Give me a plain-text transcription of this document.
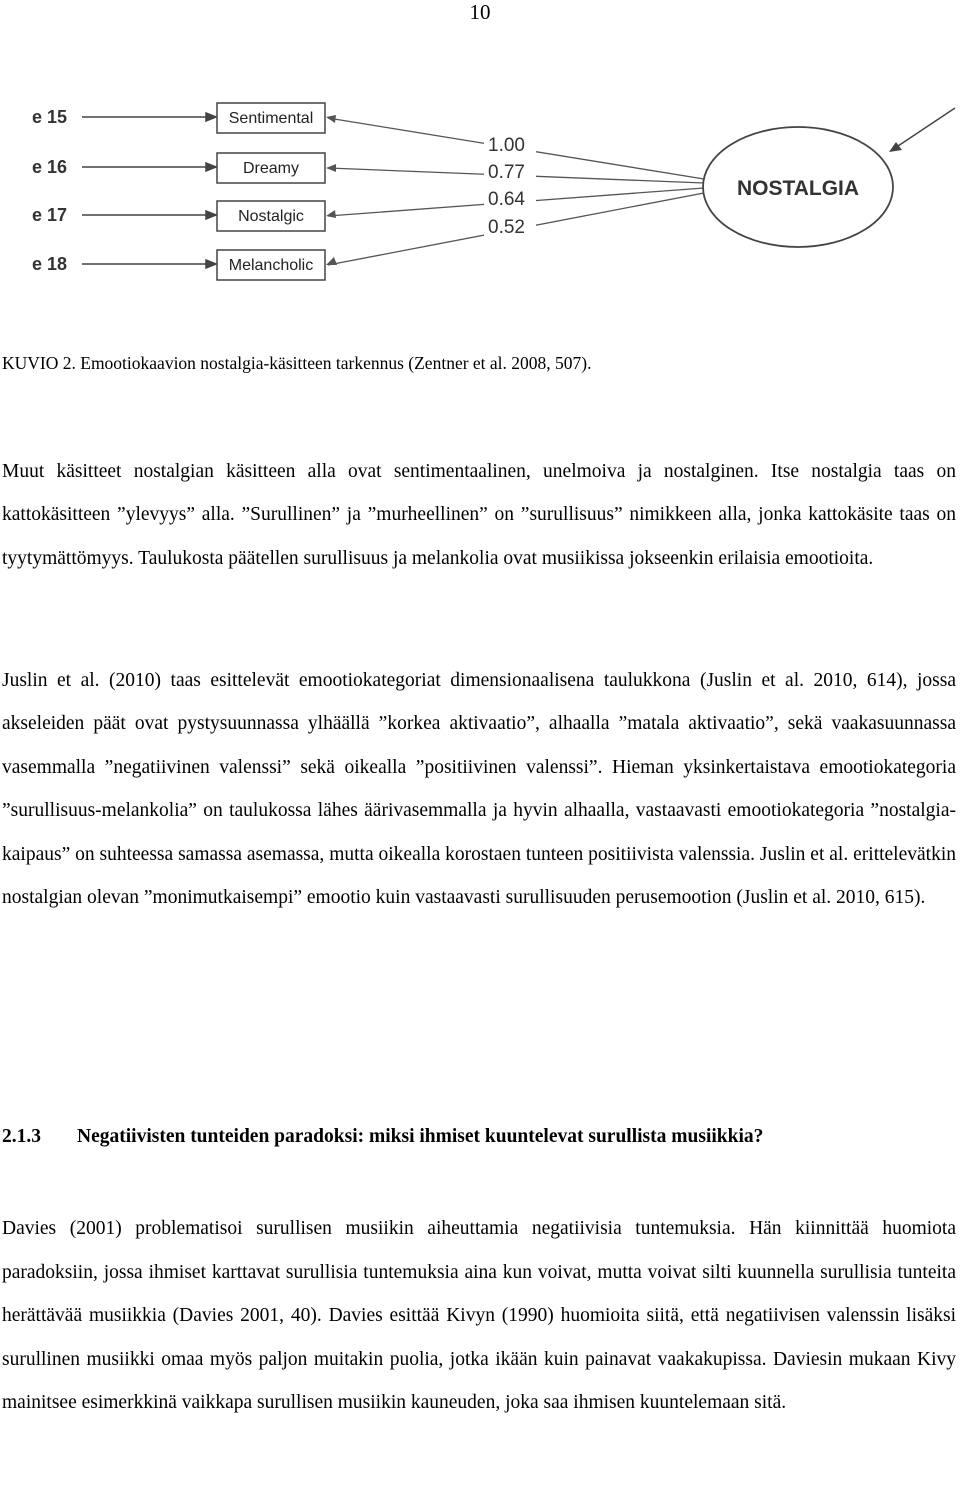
10
e 15
e 16
e 17
e 18
Sentimental
Dreamy
Nostalgic
Melancholic
1.00
0.77
0.64
0.52
NOSTALGIA
KUVIO 2. Emootiokaavion nostalgia-käsitteen tarkennus (Zentner et al. 2008, 507).

Muut käsitteet nostalgian käsitteen alla ovat sentimentaalinen, unelmoiva ja nostalginen. Itse nostalgia taas on kattokäsitteen ”ylevyys” alla. ”Surullinen” ja ”murheellinen” on ”surullisuus” nimikkeen alla, jonka kattokäsite taas on tyytymättömyys. Taulukosta päätellen surullisuus ja melankolia ovat musiikissa jokseenkin erilaisia emootioita.

Juslin et al. (2010) taas esittelevät emootiokategoriat dimensionaalisena taulukkona (Juslin et al. 2010, 614), jossa akseleiden päät ovat pystysuunnassa ylhäällä ”korkea aktivaatio”, alhaalla ”matala aktivaatio”, sekä vaakasuunnassa vasemmalla ”negatiivinen valenssi” sekä oikealla ”positiivinen valenssi”. Hieman yksinkertaistava emootiokategoria ”surullisuus-melankolia” on taulukossa lähes äärivasemmalla ja hyvin alhaalla, vastaavasti emootiokategoria ”nostalgia-kaipaus” on suhteessa samassa asemassa, mutta oikealla korostaen tunteen positiivista valenssia. Juslin et al. erittelevätkin nostalgian olevan ”monimutkaisempi” emootio kuin vastaavasti surullisuuden perusemootion (Juslin et al. 2010, 615).

2.1.3 Negatiivisten tunteiden paradoksi: miksi ihmiset kuuntelevat surullista musiikkia?

Davies (2001) problematisoi surullisen musiikin aiheuttamia negatiivisia tuntemuksia. Hän kiinnittää huomiota paradoksiin, jossa ihmiset karttavat surullisia tuntemuksia aina kun voivat, mutta voivat silti kuunnella surullisia tunteita herättävää musiikkia (Davies 2001, 40). Davies esittää Kivyn (1990) huomioita siitä, että negatiivisen valenssin lisäksi surullinen musiikki omaa myös paljon muitakin puolia, jotka ikään kuin painavat vaakakupissa. Daviesin mukaan Kivy mainitsee esimerkkinä vaikkapa surullisen musiikin kauneuden, joka saa ihmisen kuuntelemaan sitä.
